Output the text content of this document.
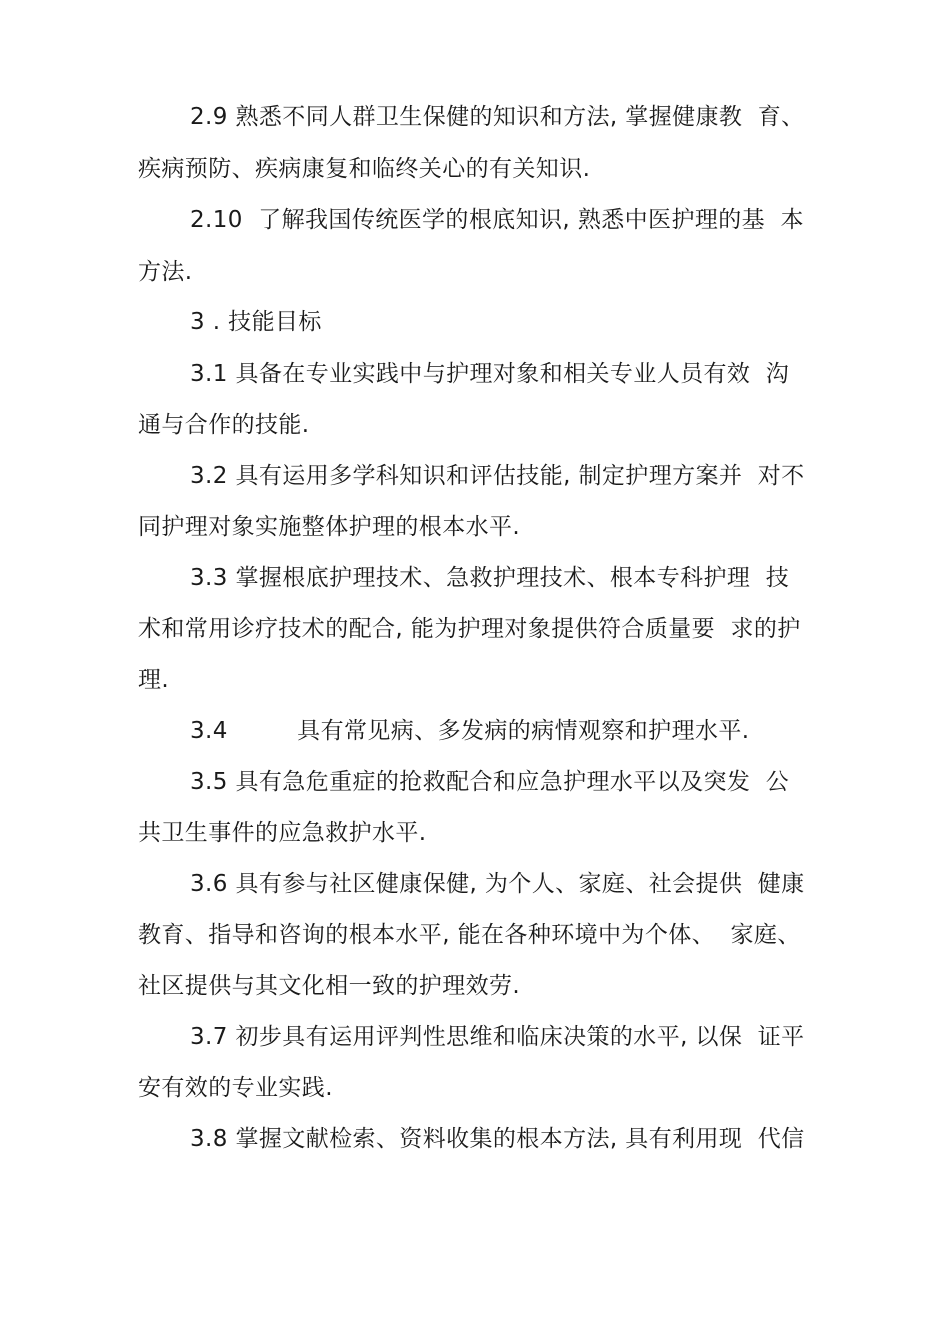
2.9 熟悉不同人群卫生保健的知识和方法, 掌握健康教  育、
疾病预防、疾病康复和临终关心的有关知识.
2.10  了解我国传统医学的根底知识, 熟悉中医护理的基  本
方法.
3 . 技能目标
3.1 具备在专业实践中与护理对象和相关专业人员有效  沟
通与合作的技能.
3.2 具有运用多学科知识和评估技能, 制定护理方案并  对不
同护理对象实施整体护理的根本水平.
3.3 掌握根底护理技术、急救护理技术、根本专科护理  技
术和常用诊疗技术的配合, 能为护理对象提供符合质量要  求的护
理.
3.4         具有常见病、多发病的病情观察和护理水平.
3.5 具有急危重症的抢救配合和应急护理水平以及突发  公
共卫生事件的应急救护水平.
3.6 具有参与社区健康保健, 为个人、家庭、社会提供  健康
教育、指导和咨询的根本水平, 能在各种环境中为个体、  家庭、
社区提供与其文化相一致的护理效劳.
3.7 初步具有运用评判性思维和临床决策的水平, 以保  证平
安有效的专业实践.
3.8 掌握文献检索、资料收集的根本方法, 具有利用现  代信
